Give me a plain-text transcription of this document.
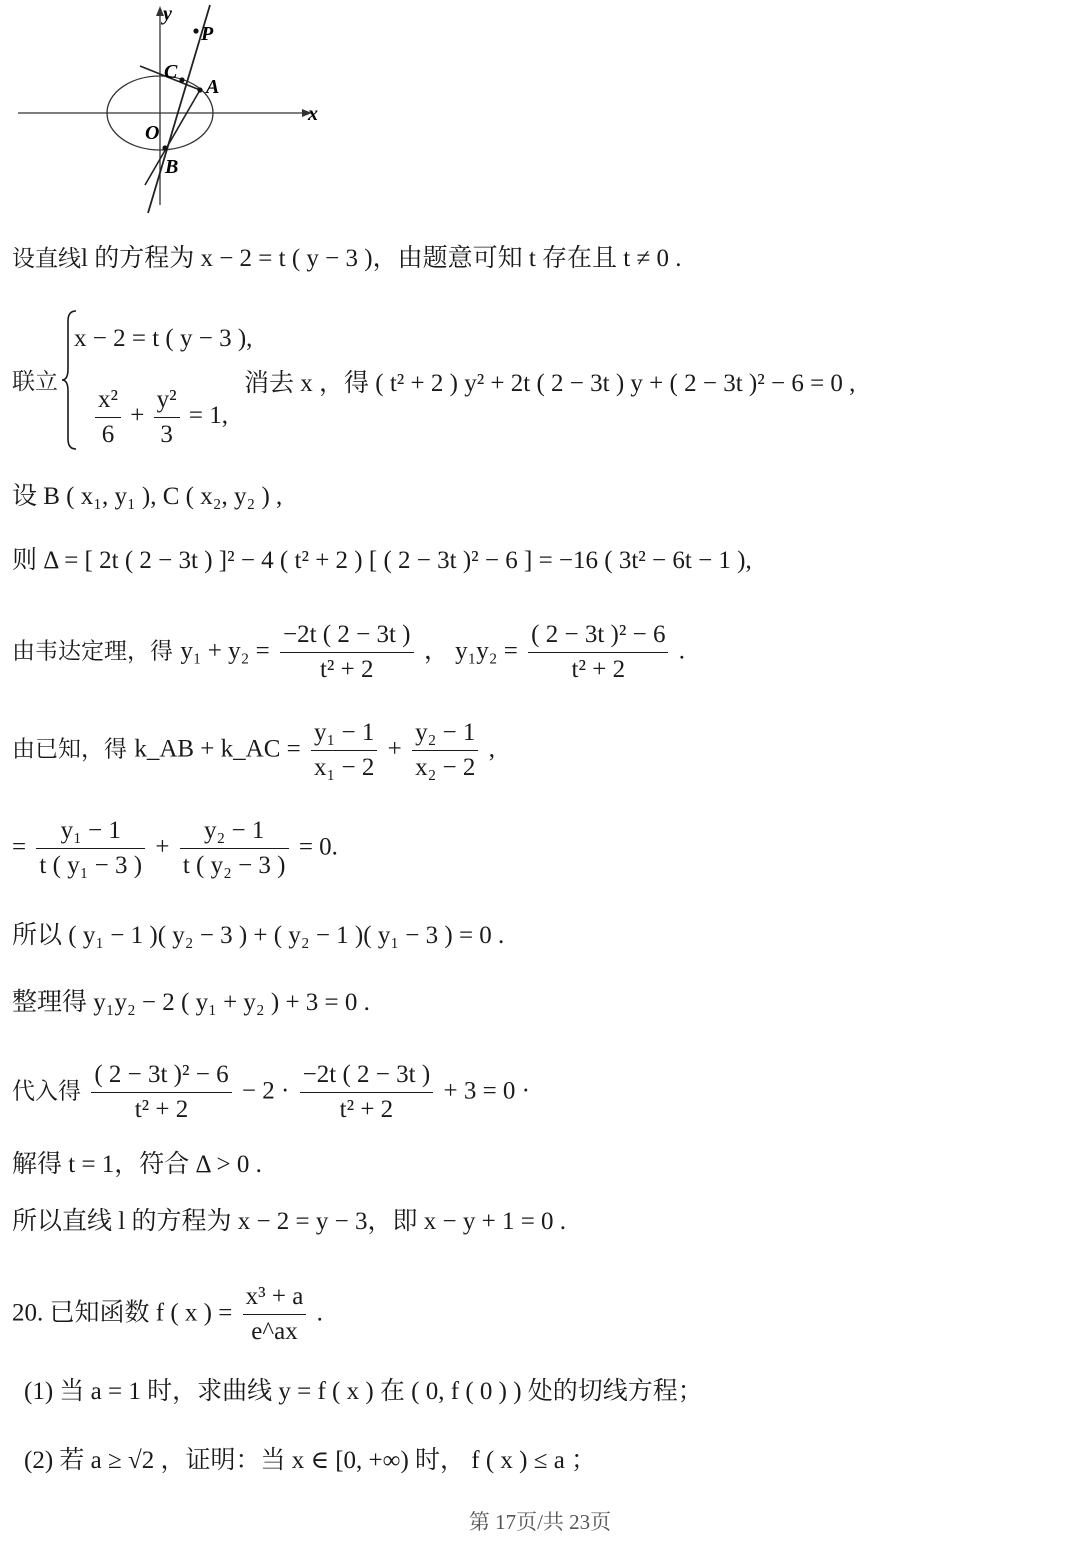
y
x
P
C
A
O
B
设直线l 的方程为 x − 2 = t ( y − 3 )，由题意可知 t 存在且 t ≠ 0 .
联立
x − 2 = t ( y − 3 ),
$\frac{\text{x²}}{6} + \frac{\text{y²}}{3} = 1$,
消去 x ，得 ( t² + 2 ) y² + 2t ( 2 − 3t ) y + ( 2 − 3t )² − 6 = 0 ,
设 B ( x₁, y₁ ), C ( x₂, y₂ ) ,
则 Δ = [ 2t ( 2 − 3t ) ]² − 4 ( t² + 2 ) [ ( 2 − 3t )² − 6 ] = −16 ( 3t² − 6t − 1 ),
由韦达定理，得 $y_1 + y_2 = \frac{-2t ( 2 - 3t )}{\text{t² + 2}}$ ， $y_1y_2 = \frac{\text{( 2 − 3t )² − 6}}{\text{t² + 2}}$ .
由已知，得 k_AB + k_AC = $\frac{\text{y₁ − 1}}{\text{x₁ − 2}} + \frac{\text{y₂ − 1}}{\text{x₂ − 2}}$ ,
= $\frac{\text{y₁ − 1}}{\text{t ( y₁ − 3 )}} + \frac{\text{y₂ − 1}}{\text{t ( y₂ − 3 )}} = 0$.
所以 ( y₁ − 1 )( y₂ − 3 ) + ( y₂ − 1 )( y₁ − 3 ) = 0 .
整理得 y₁y₂ − 2 ( y₁ + y₂ ) + 3 = 0 .
代入得 $\frac{\text{( 2 − 3t )² − 6}}{\text{t² + 2}} - 2 \cdot \frac{-2t ( 2 - 3t )}{\text{t² + 2}} + 3 = 0$ ·
解得 t = 1，符合 Δ > 0 .
所以直线 l 的方程为 x − 2 = y − 3，即 x − y + 1 = 0 .
20. 已知函数 f ( x ) = $\frac{\text{x³ + a}}{e\^{}ax}$ .
(1) 当 a = 1 时，求曲线 y = f ( x ) 在 ( 0, f ( 0 ) ) 处的切线方程；
(2) 若 a ≥ √2 ，证明：当 x ∈ [0, +∞) 时， f ( x ) ≤ a ；
第 17页/共 23页
